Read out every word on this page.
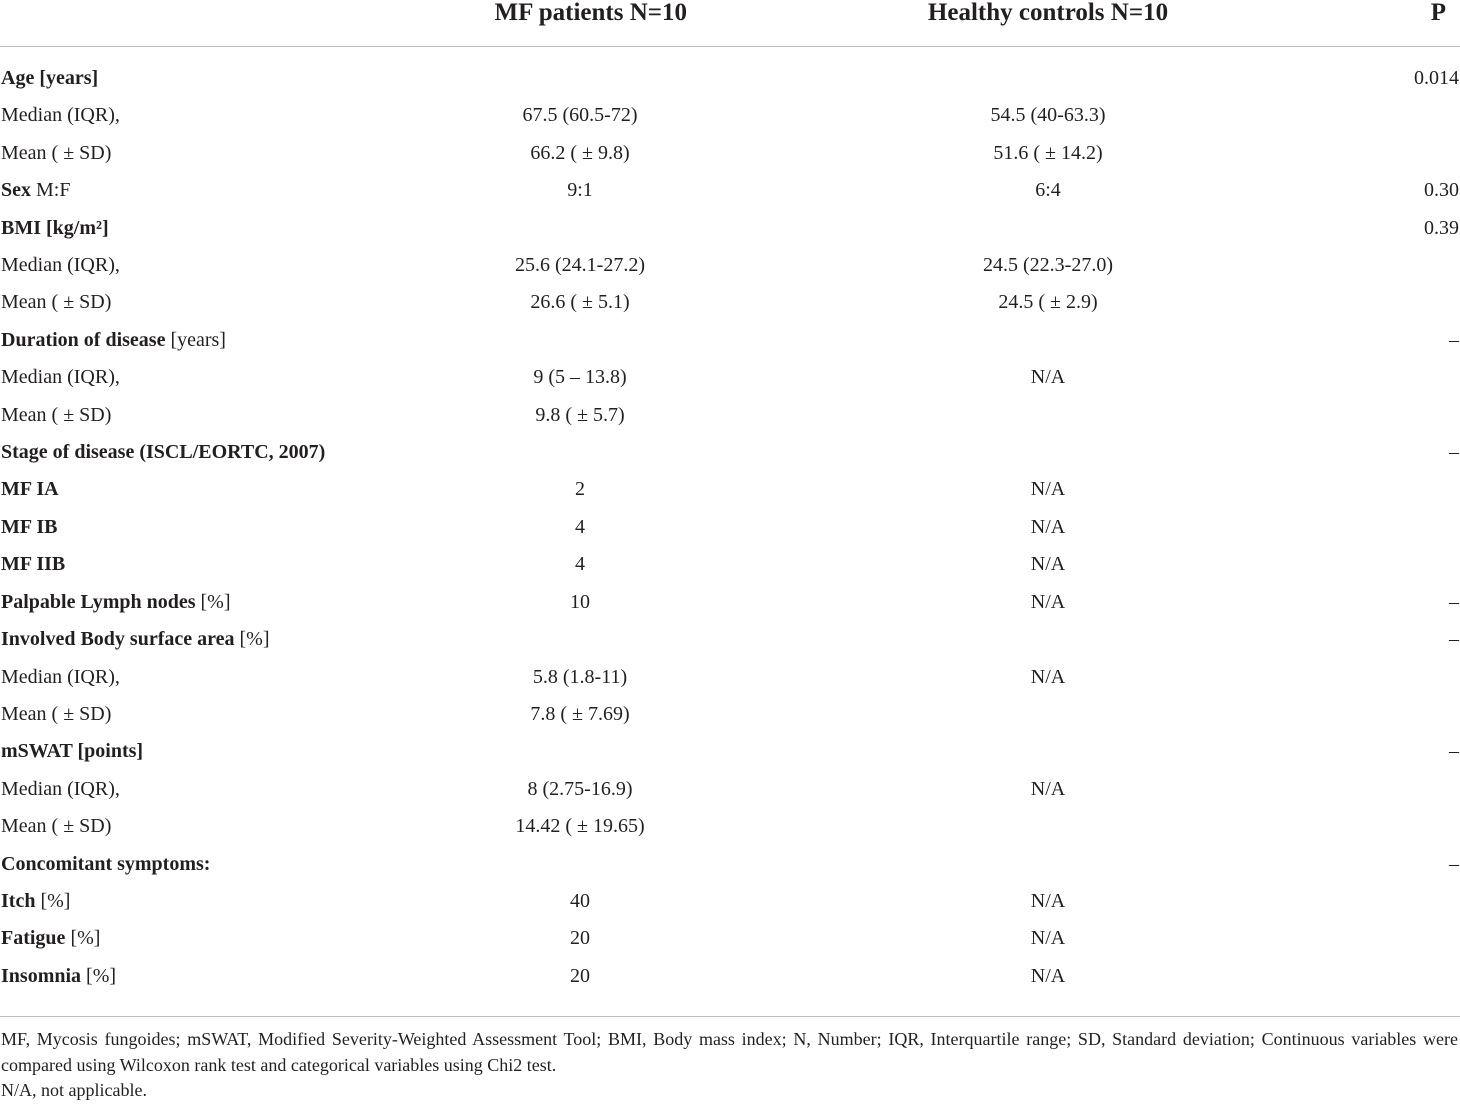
	MF patients N=10	Healthy controls N=10	P
Age [years]			0.014
Median (IQR),	67.5 (60.5-72)	54.5 (40-63.3)	
Mean ( ± SD)	66.2 ( ± 9.8)	51.6 ( ± 14.2)	
Sex M:F	9:1	6:4	0.30
BMI [kg/m²]			0.39
Median (IQR),	25.6 (24.1-27.2)	24.5 (22.3-27.0)	
Mean ( ± SD)	26.6 ( ± 5.1)	24.5 ( ± 2.9)	
Duration of disease [years]			–
Median (IQR),	9 (5 – 13.8)	N/A	
Mean ( ± SD)	9.8 ( ± 5.7)		
Stage of disease (ISCL/EORTC, 2007)			–
MF IA	2	N/A	
MF IB	4	N/A	
MF IIB	4	N/A	
Palpable Lymph nodes [%]	10	N/A	–
Involved Body surface area [%]			–
Median (IQR),	5.8 (1.8-11)	N/A	
Mean ( ± SD)	7.8 ( ± 7.69)		
mSWAT [points]			–
Median (IQR),	8 (2.75-16.9)	N/A	
Mean ( ± SD)	14.42 ( ± 19.65)		
Concomitant symptoms:			–
Itch [%]	40	N/A	
Fatigue [%]	20	N/A	
Insomnia [%]	20	N/A	

MF, Mycosis fungoides; mSWAT, Modified Severity-Weighted Assessment Tool; BMI, Body mass index; N, Number; IQR, Interquartile range; SD, Standard deviation; Continuous variables were compared using Wilcoxon rank test and categorical variables using Chi2 test.

N/A, not applicable.
